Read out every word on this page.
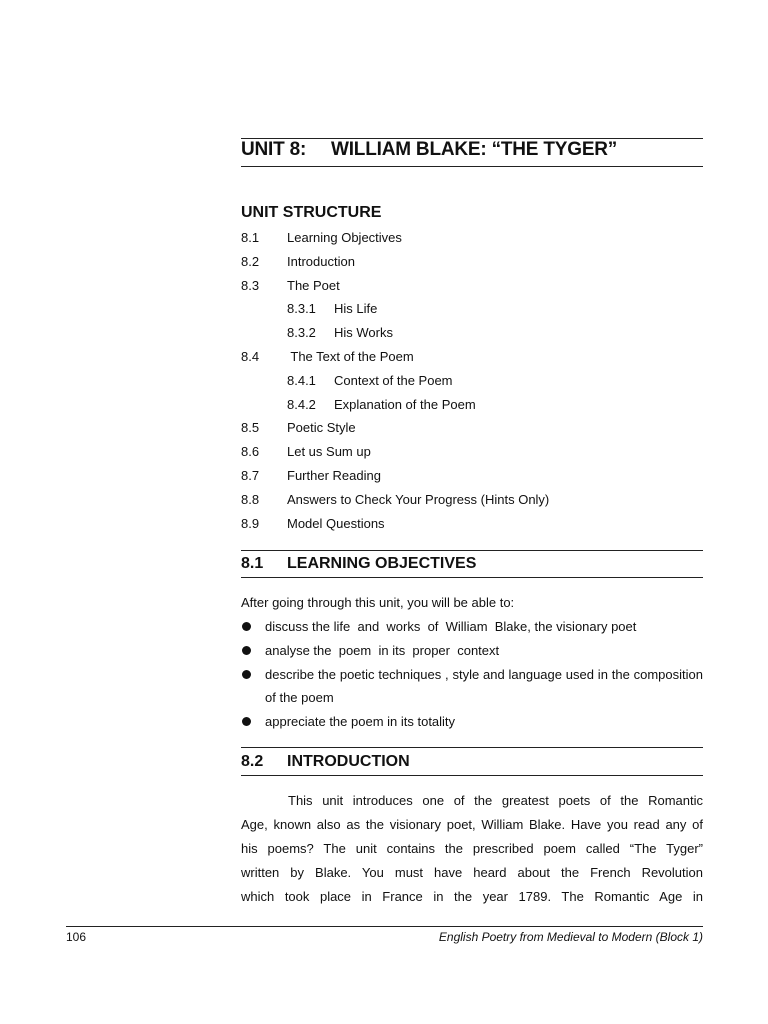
UNIT 8: WILLIAM BLAKE: “THE TYGER”
UNIT STRUCTURE
8.1 Learning Objectives
8.2 Introduction
8.3 The Poet
8.3.1 His Life
8.3.2 His Works
8.4 The Text of the Poem
8.4.1 Context of the Poem
8.4.2 Explanation of the Poem
8.5 Poetic Style
8.6 Let us Sum up
8.7 Further Reading
8.8 Answers to Check Your Progress (Hints Only)
8.9 Model Questions
8.1 LEARNING OBJECTIVES
After going through this unit, you will be able to:
discuss the life  and  works  of  William  Blake, the visionary poet
analyse the  poem  in its  proper  context
describe the poetic techniques , style and language used in the composition of the poem
appreciate the poem in its totality
8.2 INTRODUCTION
This unit introduces one of the greatest poets of the Romantic
Age, known also as the visionary poet, William Blake. Have you read any of
his poems? The unit contains the prescribed poem called “The Tyger”
written by Blake. You must have heard about the French Revolution
which took place in France in the year 1789. The Romantic Age in
106	English Poetry from Medieval to Modern (Block 1)
